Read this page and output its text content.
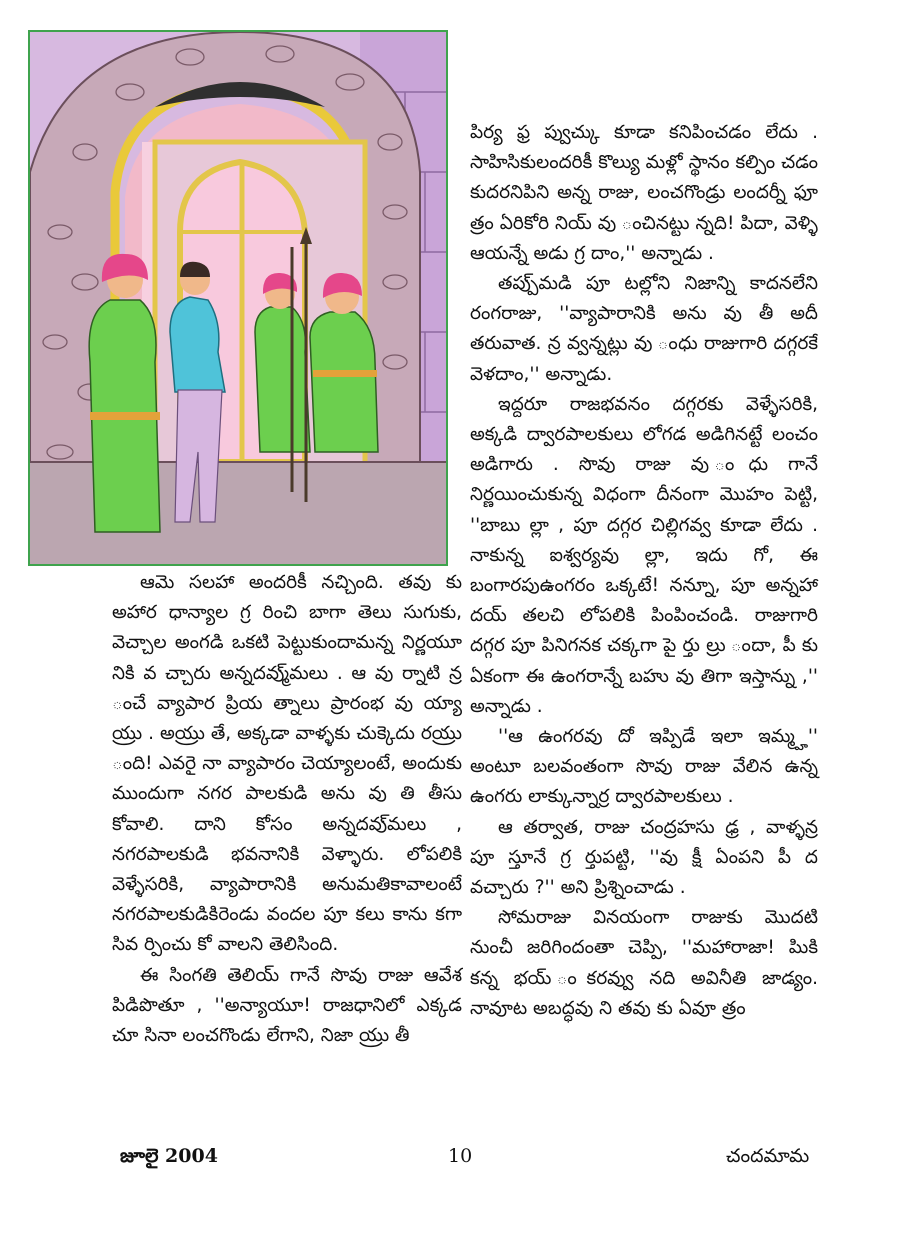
పిర్య ఫ్ర ప్వుచ్కు కూడా కనిపించడం లేదు . సాహిసికులందరికీ కొల్యు మళ్లో స్థానం కల్పిం చడం కుదరనిపిని అన్న రాజు, లంచగొండ్రు లందర్నీ ఫూ త్రం ఏరికోరి నియ్ వు ంచినట్టు న్నది! పిదా, వెళ్ళి ఆయన్నే అడు గ్ర దాం,'' అన్నాడు .

తప్పు్మడి పూ టల్లోని నిజాన్ని కాదనలేని రంగరాజు, ''వ్యాపారానికి అను వు తీ అదీ తరువాత. న్ర వ్వన్నట్లు వు ంధు రాజుగారి దగ్గరకే వెళదాం,'' అన్నాడు.

ఇద్దరూ రాజభవనం దగ్గరకు వెళ్ళేసరికి, అక్కడి ద్వారపాలకులు లోగడ అడిగినట్టే లంచం అడిగారు . సొవు రాజు వు ంధు గానే నిర్ణయించుకున్న విధంగా దీనంగా మొహం పెట్టి, ''బాబు ల్లా , పూ దగ్గర చిల్లిగవ్వ కూడా లేదు . నాకున్న ఐశ్వర్యవు ల్లా, ఇదు గో, ఈ బంగారపుఉంగరం ఒక్కటే! నన్నూ, పూ అన్నహా దయ్ తలచి లోపలికి పింపించండి. రాజుగారి దగ్గర పూ పినిగనక చక్కగా పై ర్తు ల్రు ందా, పీ కు ఏకంగా ఈ ఉంగరాన్నే బహు వు తిగా ఇస్తాన్ను ,'' అన్నాడు .

''ఆ ఉంగరవు దో ఇప్పిడే ఇలా ఇమ్మ్హ'' అంటూ బలవంతంగా సొవు రాజు వేలిన ఉన్న ఉంగరు లాక్కున్నార్ర ద్వారపాలకులు .

ఆ తర్వాత, రాజు చంద్రహసు ఢ్ర , వాళ్ళన్ర పూ స్తూనే గ్ర ర్తుపట్టి, ''వు క్షీ ఏంపని పీ ద వచ్చారు ?'' అని ప్రిశ్నించాడు .

సోమరాజు వినయంగా రాజుకు మొదటి నుంచీ జరిగిందంతా చెప్పి, ''మహారాజా! పిుకి కన్న భయ్ ంకరవ్వు నది అవినీతి జాడ్యం. నావూట అబద్ధవు ని తవు కు ఏవూ త్రం

ఆమె సలహా అందరికీ నచ్చింది. తవు కు అహార ధాన్యాల గ్ర రించి బాగా తెలు సుగుకు, వెచ్చాల అంగడి ఒకటి పెట్టుకుందామన్న నిర్ణయూ నికి వ చ్చారు అన్నదవ్ము్మలు . ఆ వు ర్నాటి న్ర ంచే వ్యాపార ప్రియ త్నాలు ప్రారంభ వు య్యా య్రు . అయ్రు తే, అక్కడా వాళ్ళకు చుక్కెదు రయ్రు ంది! ఎవరై నా వ్యాపారం చెయ్యాలంటే, అందుకు ముందుగా నగర పాలకుడి అను వు తి తీసు కోవాలి. దాని కోసం అన్నదవు్మలు , నగరపాలకుడి భవనానికి వెళ్ళారు. లోపలికి వెళ్ళేసరికి, వ్యాపారానికి అనుమతికావాలంటే నగరపాలకుడికిరెండు వందల పూ కలు కాను కగా సివ ర్పించు కో వాలని తెలిసింది.

ఈ సింగతి తెలియ్ గానే సొవు రాజు ఆవేశ పిడిపొతూ , ''అన్యాయూ! రాజధానిలో ఎక్కడ చూ సినా లంచగొండు లేగాని, నిజా య్రు తీ

జూలై 2004	10	చందమామ
